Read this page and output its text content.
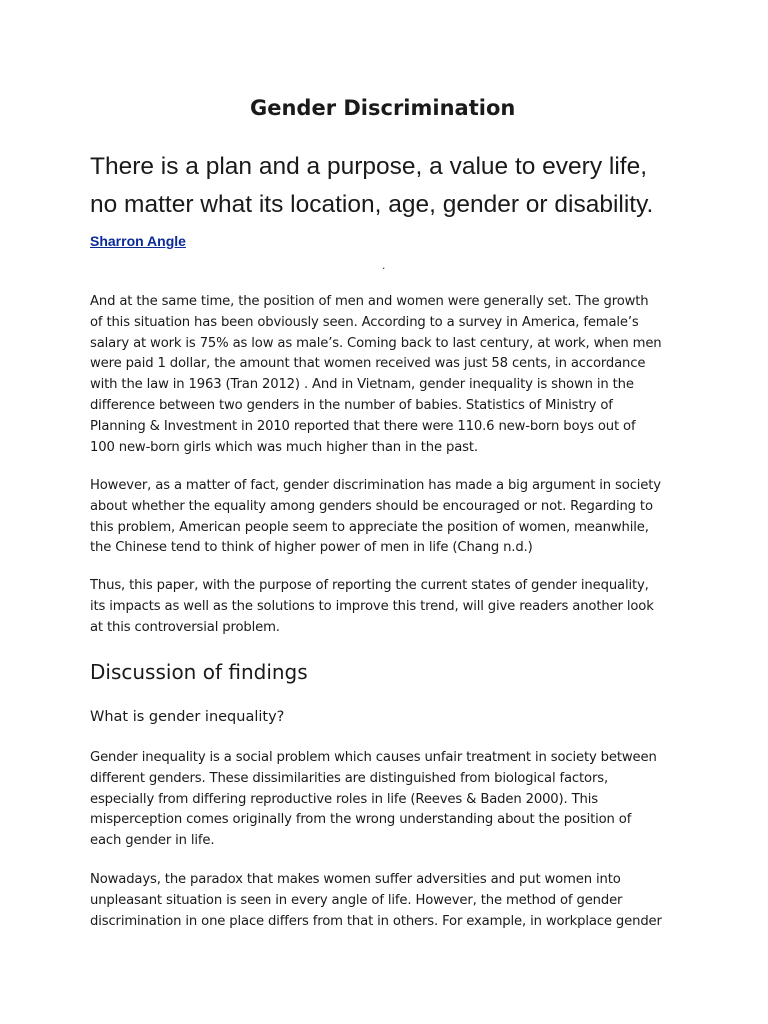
Gender Discrimination
There is a plan and a purpose, a value to every life,
no matter what its location, age, gender or disability.
Sharron Angle
.
And at the same time, the position of men and women were generally set. The growth
of this situation has been obviously seen. According to a survey in America, female’s
salary at work is 75% as low as male’s. Coming back to last century, at work, when men
were paid 1 dollar, the amount that women received was just 58 cents, in accordance
with the law in 1963 (Tran 2012) . And in Vietnam, gender inequality is shown in the
difference between two genders in the number of babies. Statistics of Ministry of
Planning & Investment in 2010 reported that there were 110.6 new-born boys out of
100 new-born girls which was much higher than in the past.
However, as a matter of fact, gender discrimination has made a big argument in society
about whether the equality among genders should be encouraged or not. Regarding to
this problem, American people seem to appreciate the position of women, meanwhile,
the Chinese tend to think of higher power of men in life (Chang n.d.)
Thus, this paper, with the purpose of reporting the current states of gender inequality,
its impacts as well as the solutions to improve this trend, will give readers another look
at this controversial problem.
Discussion of findings
What is gender inequality?
Gender inequality is a social problem which causes unfair treatment in society between
different genders. These dissimilarities are distinguished from biological factors,
especially from differing reproductive roles in life (Reeves & Baden 2000). This
misperception comes originally from the wrong understanding about the position of
each gender in life.
Nowadays, the paradox that makes women suffer adversities and put women into
unpleasant situation is seen in every angle of life. However, the method of gender
discrimination in one place differs from that in others. For example, in workplace gender
